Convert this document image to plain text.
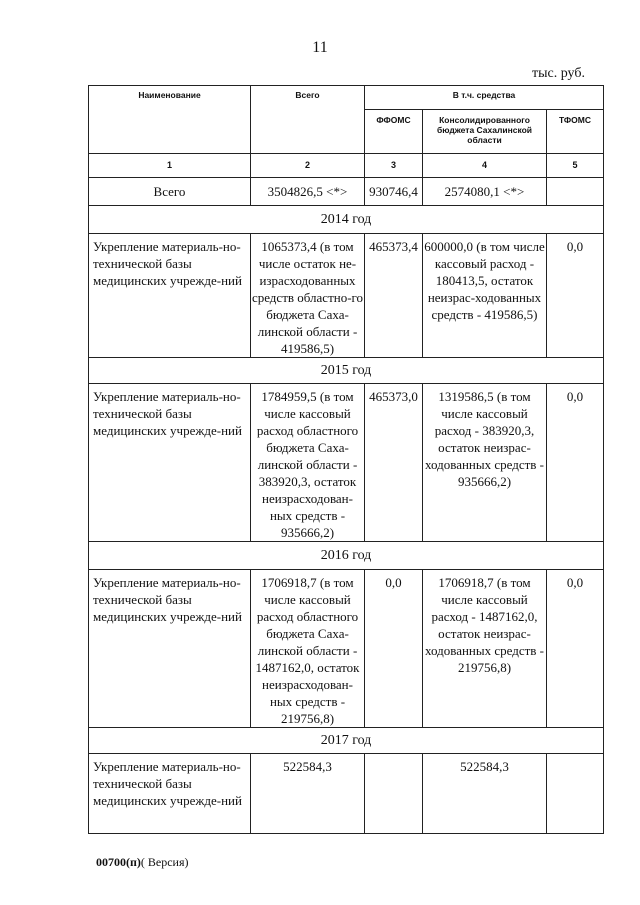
11
тыс. руб.
Наименование	Всего	В т.ч. средства		
		ФФОМС	Консолидированного бюджета Сахалинской области	ТФОМС
1	2	3	4	5
Всего	3504826,5 <*>	930746,4	2574080,1 <*>	
2014 год				
Укрепление материаль-но-технической базы медицинских учрежде-ний	1065373,4 (в том числе остаток не-израсходованных средств областно-го бюджета Саха-линской области - 419586,5)	465373,4	600000,0 (в том числе кассовый расход - 180413,5, остаток неизрас-ходованных средств - 419586,5)	0,0
2015 год				
Укрепление материаль-но-технической базы медицинских учрежде-ний	1784959,5 (в том числе кассовый расход областного бюджета Саха-линской области - 383920,3, остаток неизрасходован-ных средств - 935666,2)	465373,0	1319586,5 (в том числе кассовый расход - 383920,3, остаток неизрас-ходованных средств - 935666,2)	0,0
2016 год				
Укрепление материаль-но-технической базы медицинских учрежде-ний	1706918,7 (в том числе кассовый расход областного бюджета Саха-линской области - 1487162,0, остаток неизрасходован-ных средств - 219756,8)	0,0	1706918,7 (в том числе кассовый расход - 1487162,0, остаток неизрас-ходованных средств - 219756,8)	0,0
2017 год				
Укрепление материаль-но-технической базы медицинских учрежде-ний	522584,3		522584,3	
00700(п)( Версия)
